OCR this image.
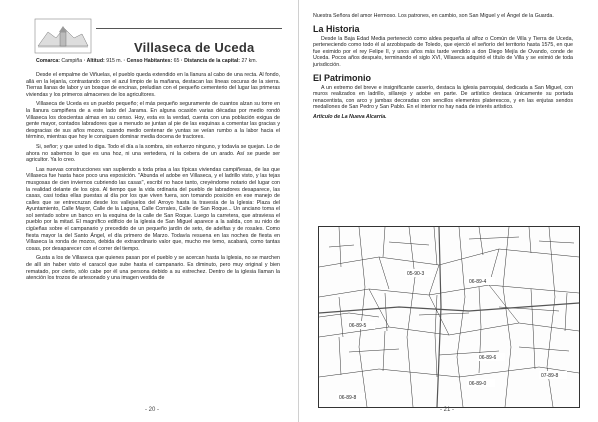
Villaseca de Uceda
Comarca: Campiña · Altitud: 915 m. · Censo Habitantes: 65 · Distancia de la capital: 27 km.

Desde el empalme de Viñuelas, el pueblo queda extendido en la llanura al cabo de una recta. Al fondo, allá en la lejanía, contrastando con el azul limpio de la mañana, destacan las líneas oscuras de la sierra. Tierras llanas de labor y un bosque de encinas, preludian con el pequeño cementerio del lugar las primeras viviendas y los primeros almacenes de los agricultores.

Villaseca de Uceda es un pueblo pequeño; el más pequeño seguramente de cuantos alzan su torre en la llanura campiñera de a este lado del Jarama. En alguna ocasión varias décadas por medio rondó Villaseca los doscientas almas en su censo. Hoy, esta es la verdad, cuenta con una población exigua de gente mayor, contados labradores que a menudo se juntan al pie de las esquinas a comentar las gracias y desgracias de sus años mozos, cuando medio centenar de yuntas se veían rumbo a la labor hacia el término, mientras que hoy le consiguen dominar media docena de tractores.

Si, señor; y que usted lo diga. Todo el día a la sombra, sin esfuerzo ninguno, y todavía se quejan. Lo de ahora no sabemos lo que es una hoz, ni una vertedera, ni la cebera de un arado. Así se puede ser agricultor. Ya lo creo.

Las nuevas construcciones van supliendo a toda prisa a las típicas viviendas campiñesas, de las que Villaseca fue hasta hace poco una exposición. "Abunda el adobe en Villaseca, y el ladrillo visto, y las tejas musgosas de cien inviernos cubriendo las casas", escribí no hace tanto, creyéndome notario del lugar con la realidad delante de los ojos. Al tiempo que la vida ordinaria del pueblo de labradores desaparece, las casas, casi todas ellas puestas al día por los que viven fuera, son tomando posición en ese manejo de calles que se entrecruzan desde los vallejuelos del Arroyo hasta la travesía de la Iglesia: Plaza del Ayuntamiento, Calle Mayor, Calle de la Laguna, Calle Corrales, Calle de San Roque... Un anciano toma el sol sentado sobre un banco en la esquina de la calle de San Roque. Luego la carretera, que atraviesa el pueblo por la mitad. El magnífico edificio de la iglesia de San Miguel aparece a la salida, con su nido de cigüeñas sobre el campanario y precedido de un pequeño jardín de seto, de adelfas y de rosales. Como fiesta mayor la del Santo Ángel, el día primero de Marzo. Todavía resuena en las noches de fiesta en Villaseca la ronda de mozos, debida de extraordinario valor que, mucho me temo, acabará, como tantas cosas, por desaparecer con el correr del tiempo.

Gusta a los de Villaseca que quienes pasan por el pueblo y se acercan hasta la iglesia, no se marchen de allí sin haber visto el caracol que sube hasta el campanario. Es diminuto, pero muy original y bien rematado, por cierto, sólo cabe por él una persona debido a su estrechez. Dentro de la iglesia llaman la atención los trozos de artesonado y una imagen vestida de

- 20 -

Nuestra Señora del amor Hermoso. Los patrones, en cambio, son San Miguel y el Ángel de la Guarda.

La Historia

Desde la Baja Edad Media perteneció como aldea pequeña al alfoz o Común de Villa y Tierra de Uceda, perteneciendo como todo él al arzobispado de Toledo, que ejerció el señorío del territorio hasta 1575, en que fue eximido por el rey Felipe II, y unos años más tarde vendido a don Diego Mejía de Ovando, conde de Uceda. Pocos años después, terminando el siglo XVI, Villaseca adquirió el título de Villa y se eximió de toda jurisdicción.

El Patrimonio

A un extremo del breve e insignificante caserío, destaca la iglesia parroquial, dedicada a San Miguel, con muros realizados en ladrillo, sillarejo y adobe en parte. De artístico destaca únicamente su portada renacentista, con arco y jambas decoradas con sencillos elementos platerescos, y en las enjutas sendos medallones de San Pedro y San Pablo. En el interior no hay nada de interés artístico.

Artículo de La Nueva Alcarria.
05-90-3
06-89-4
06-89-5
06-89-6
06-89-0
07-89-8
06-89-8
- 21 -
